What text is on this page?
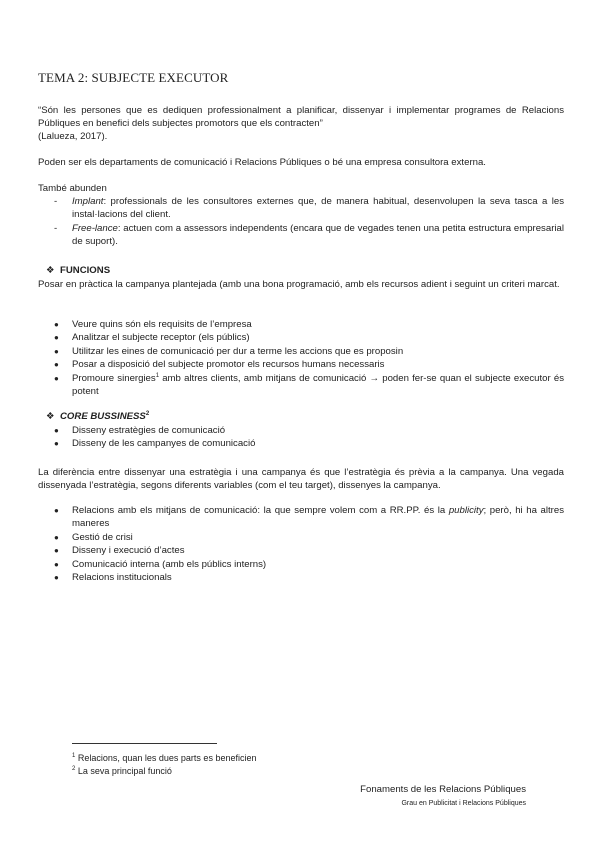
TEMA 2: SUBJECTE EXECUTOR
“Són les persones que es dediquen professionalment a planificar, dissenyar i implementar programes de Relacions Públiques en benefici dels subjectes promotors que els contracten”
(Lalueza, 2017).
Poden ser els departaments de comunicació i Relacions Públiques o bé una empresa consultora externa.
També abunden
- Implant: professionals de les consultores externes que, de manera habitual, desenvolupen la seva tasca a les instal·lacions del client.
- Free-lance: actuen com a assessors independents (encara que de vegades tenen una petita estructura empresarial de suport).
❖ FUNCIONS
Posar en pràctica la campanya plantejada (amb una bona programació, amb els recursos adient i seguint un criteri marcat.
● Veure quins són els requisits de l’empresa
● Analitzar el subjecte receptor (els públics)
● Utilitzar les eines de comunicació per dur a terme les accions que es proposin
● Posar a disposició del subjecte promotor els recursos humans necessaris
● Promoure sinergies$^1$ amb altres clients, amb mitjans de comunicació → poden fer-se quan el subjecte executor és potent
❖ CORE BUSSINESS$^2$
● Disseny estratègies de comunicació
● Disseny de les campanyes de comunicació
La diferència entre dissenyar una estratègia i una campanya és que l’estratègia és prèvia a la campanya. Una vegada dissenyada l’estratègia, segons diferents variables (com el teu target), dissenyes la campanya.
● Relacions amb els mitjans de comunicació: la que sempre volem com a RR.PP. és la publicity; però, hi ha altres maneres
● Gestió de crisi
● Disseny i execució d’actes
● Comunicació interna (amb els públics interns)
● Relacions institucionals
$^1$ Relacions, quan les dues parts es beneficien
$^2$ La seva principal funció
Fonaments de les Relacions Públiques
Grau en Publicitat i Relacions Públiques
